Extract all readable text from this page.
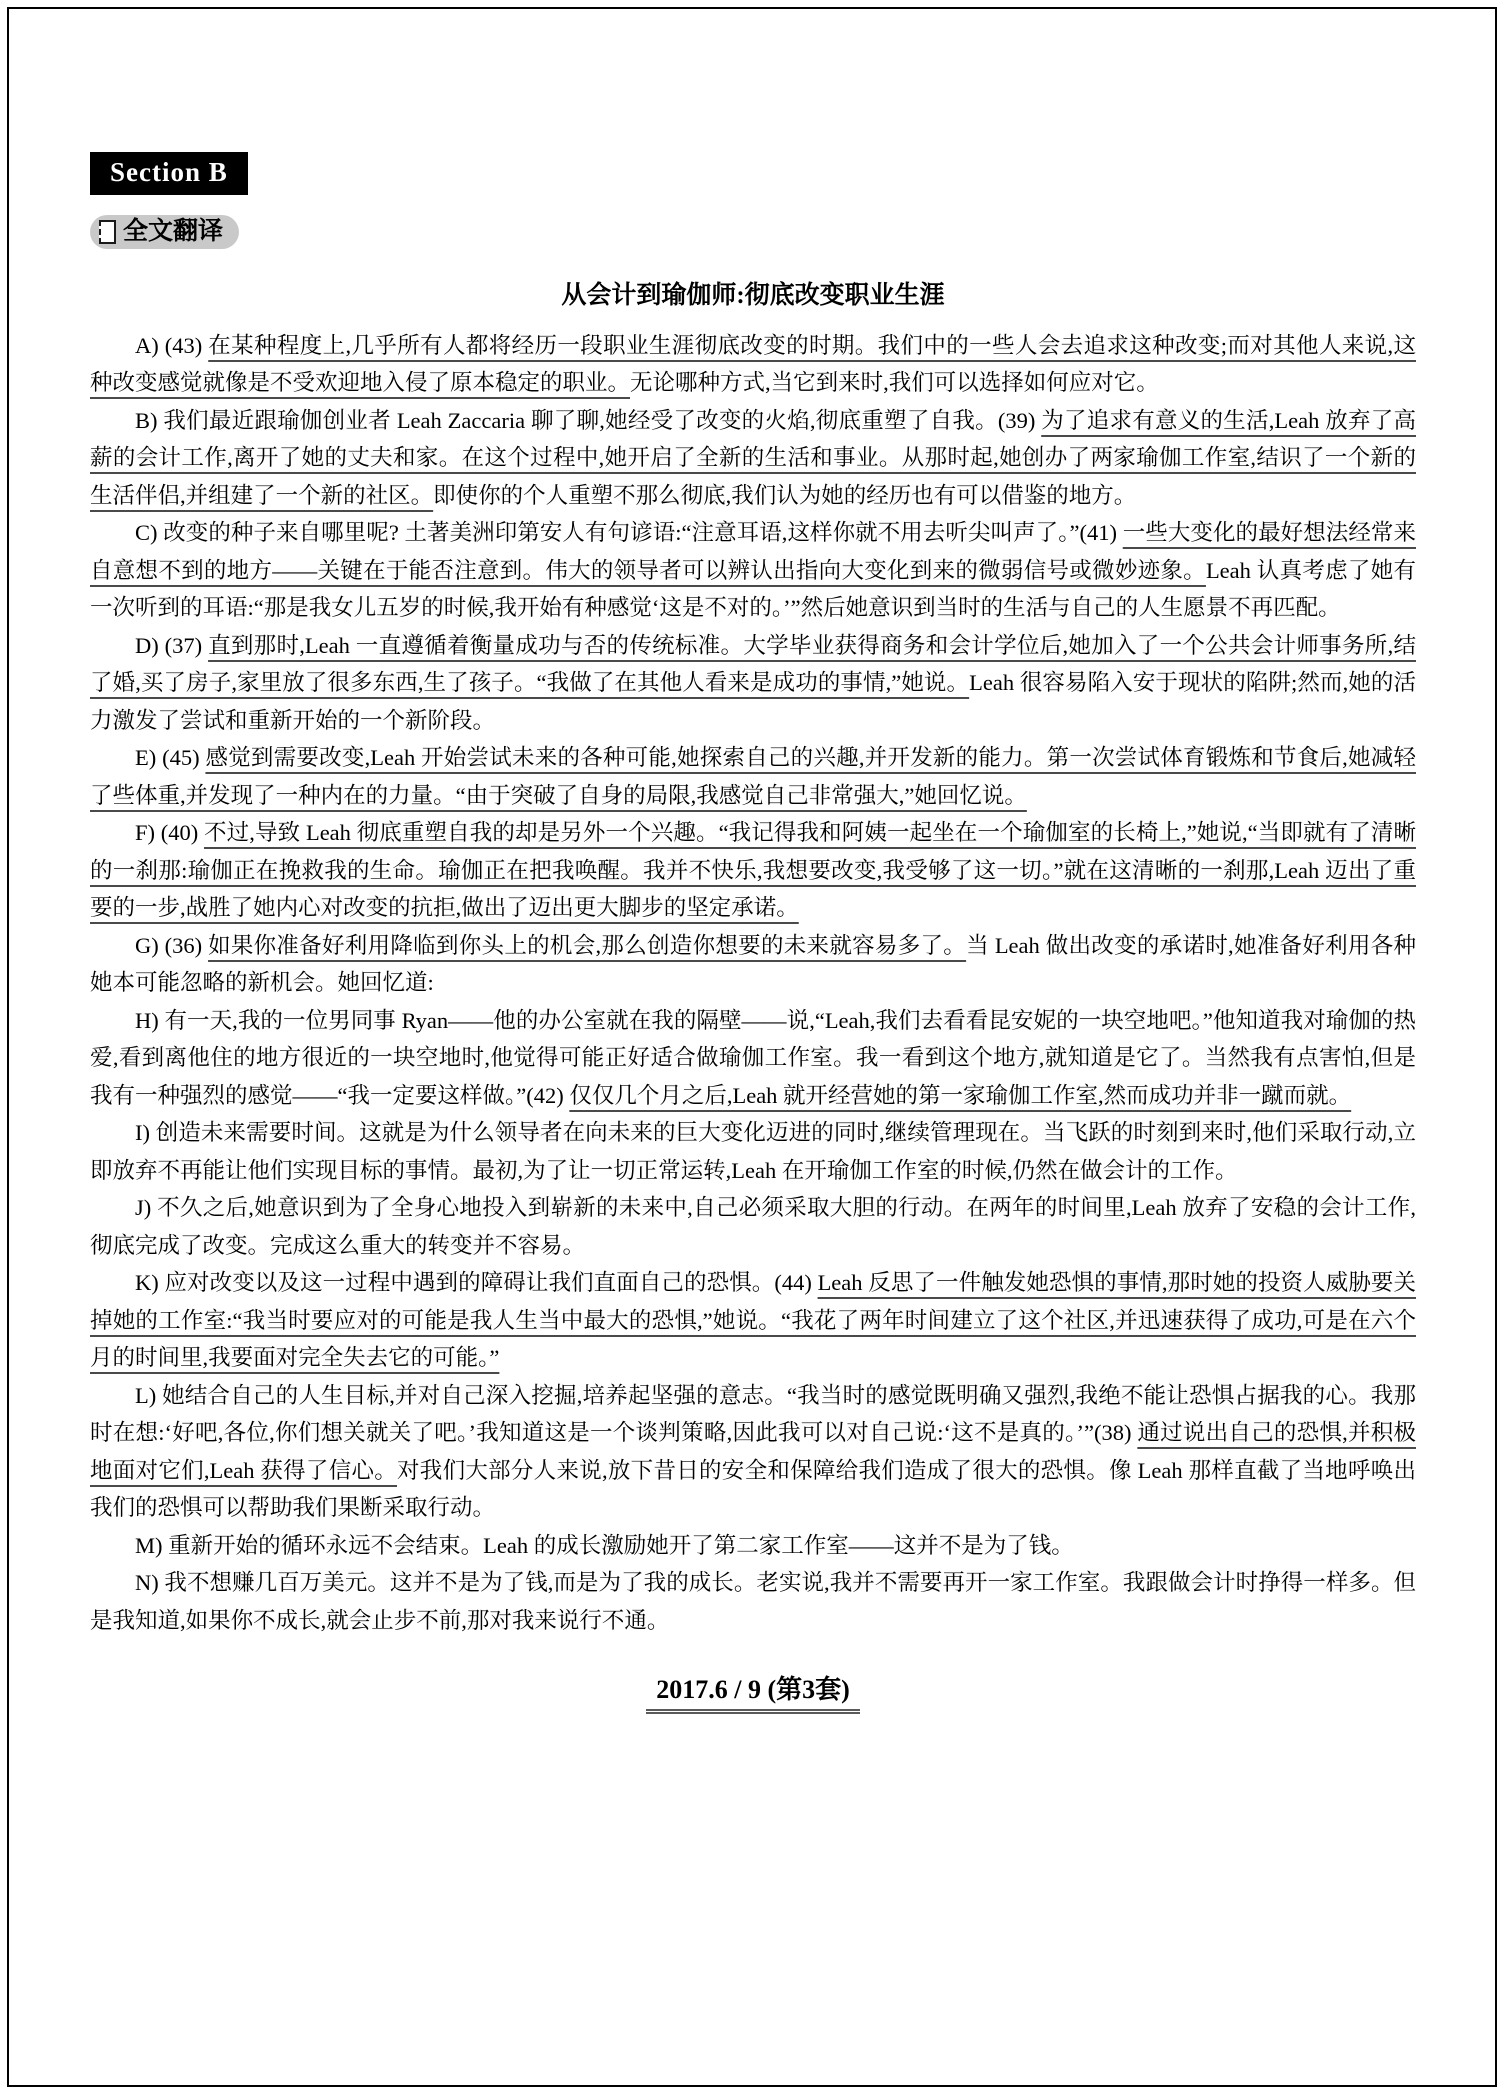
Section B
全文翻译
从会计到瑜伽师:彻底改变职业生涯

A) (43) 在某种程度上,几乎所有人都将经历一段职业生涯彻底改变的时期。我们中的一些人会去追求这种改变;而对其他人来说,这种改变感觉就像是不受欢迎地入侵了原本稳定的职业。无论哪种方式,当它到来时,我们可以选择如何应对它。

B) 我们最近跟瑜伽创业者 Leah Zaccaria 聊了聊,她经受了改变的火焰,彻底重塑了自我。(39) 为了追求有意义的生活,Leah 放弃了高薪的会计工作,离开了她的丈夫和家。在这个过程中,她开启了全新的生活和事业。从那时起,她创办了两家瑜伽工作室,结识了一个新的生活伴侣,并组建了一个新的社区。即使你的个人重塑不那么彻底,我们认为她的经历也有可以借鉴的地方。

C) 改变的种子来自哪里呢? 土著美洲印第安人有句谚语:“注意耳语,这样你就不用去听尖叫声了。”(41) 一些大变化的最好想法经常来自意想不到的地方——关键在于能否注意到。伟大的领导者可以辨认出指向大变化到来的微弱信号或微妙迹象。Leah 认真考虑了她有一次听到的耳语:“那是我女儿五岁的时候,我开始有种感觉‘这是不对的。’”然后她意识到当时的生活与自己的人生愿景不再匹配。

D) (37) 直到那时,Leah 一直遵循着衡量成功与否的传统标准。大学毕业获得商务和会计学位后,她加入了一个公共会计师事务所,结了婚,买了房子,家里放了很多东西,生了孩子。“我做了在其他人看来是成功的事情,”她说。Leah 很容易陷入安于现状的陷阱;然而,她的活力激发了尝试和重新开始的一个新阶段。

E) (45) 感觉到需要改变,Leah 开始尝试未来的各种可能,她探索自己的兴趣,并开发新的能力。第一次尝试体育锻炼和节食后,她减轻了些体重,并发现了一种内在的力量。“由于突破了自身的局限,我感觉自己非常强大,”她回忆说。

F) (40) 不过,导致 Leah 彻底重塑自我的却是另外一个兴趣。“我记得我和阿姨一起坐在一个瑜伽室的长椅上,”她说,“当即就有了清晰的一刹那:瑜伽正在挽救我的生命。瑜伽正在把我唤醒。我并不快乐,我想要改变,我受够了这一切。”就在这清晰的一刹那,Leah 迈出了重要的一步,战胜了她内心对改变的抗拒,做出了迈出更大脚步的坚定承诺。

G) (36) 如果你准备好利用降临到你头上的机会,那么创造你想要的未来就容易多了。当 Leah 做出改变的承诺时,她准备好利用各种她本可能忽略的新机会。她回忆道:

H) 有一天,我的一位男同事 Ryan——他的办公室就在我的隔壁——说,“Leah,我们去看看昆安妮的一块空地吧。”他知道我对瑜伽的热爱,看到离他住的地方很近的一块空地时,他觉得可能正好适合做瑜伽工作室。我一看到这个地方,就知道是它了。当然我有点害怕,但是我有一种强烈的感觉——“我一定要这样做。”(42) 仅仅几个月之后,Leah 就开经营她的第一家瑜伽工作室,然而成功并非一蹴而就。

I) 创造未来需要时间。这就是为什么领导者在向未来的巨大变化迈进的同时,继续管理现在。当飞跃的时刻到来时,他们采取行动,立即放弃不再能让他们实现目标的事情。最初,为了让一切正常运转,Leah 在开瑜伽工作室的时候,仍然在做会计的工作。

J) 不久之后,她意识到为了全身心地投入到崭新的未来中,自己必须采取大胆的行动。在两年的时间里,Leah 放弃了安稳的会计工作,彻底完成了改变。完成这么重大的转变并不容易。

K) 应对改变以及这一过程中遇到的障碍让我们直面自己的恐惧。(44) Leah 反思了一件触发她恐惧的事情,那时她的投资人威胁要关掉她的工作室:“我当时要应对的可能是我人生当中最大的恐惧,”她说。“我花了两年时间建立了这个社区,并迅速获得了成功,可是在六个月的时间里,我要面对完全失去它的可能。”

L) 她结合自己的人生目标,并对自己深入挖掘,培养起坚强的意志。“我当时的感觉既明确又强烈,我绝不能让恐惧占据我的心。我那时在想:‘好吧,各位,你们想关就关了吧。’我知道这是一个谈判策略,因此我可以对自己说:‘这不是真的。’”(38) 通过说出自己的恐惧,并积极地面对它们,Leah 获得了信心。对我们大部分人来说,放下昔日的安全和保障给我们造成了很大的恐惧。像 Leah 那样直截了当地呼唤出我们的恐惧可以帮助我们果断采取行动。

M) 重新开始的循环永远不会结束。Leah 的成长激励她开了第二家工作室——这并不是为了钱。

N) 我不想赚几百万美元。这并不是为了钱,而是为了我的成长。老实说,我并不需要再开一家工作室。我跟做会计时挣得一样多。但是我知道,如果你不成长,就会止步不前,那对我来说行不通。

2017.6 / 9 (第3套)
